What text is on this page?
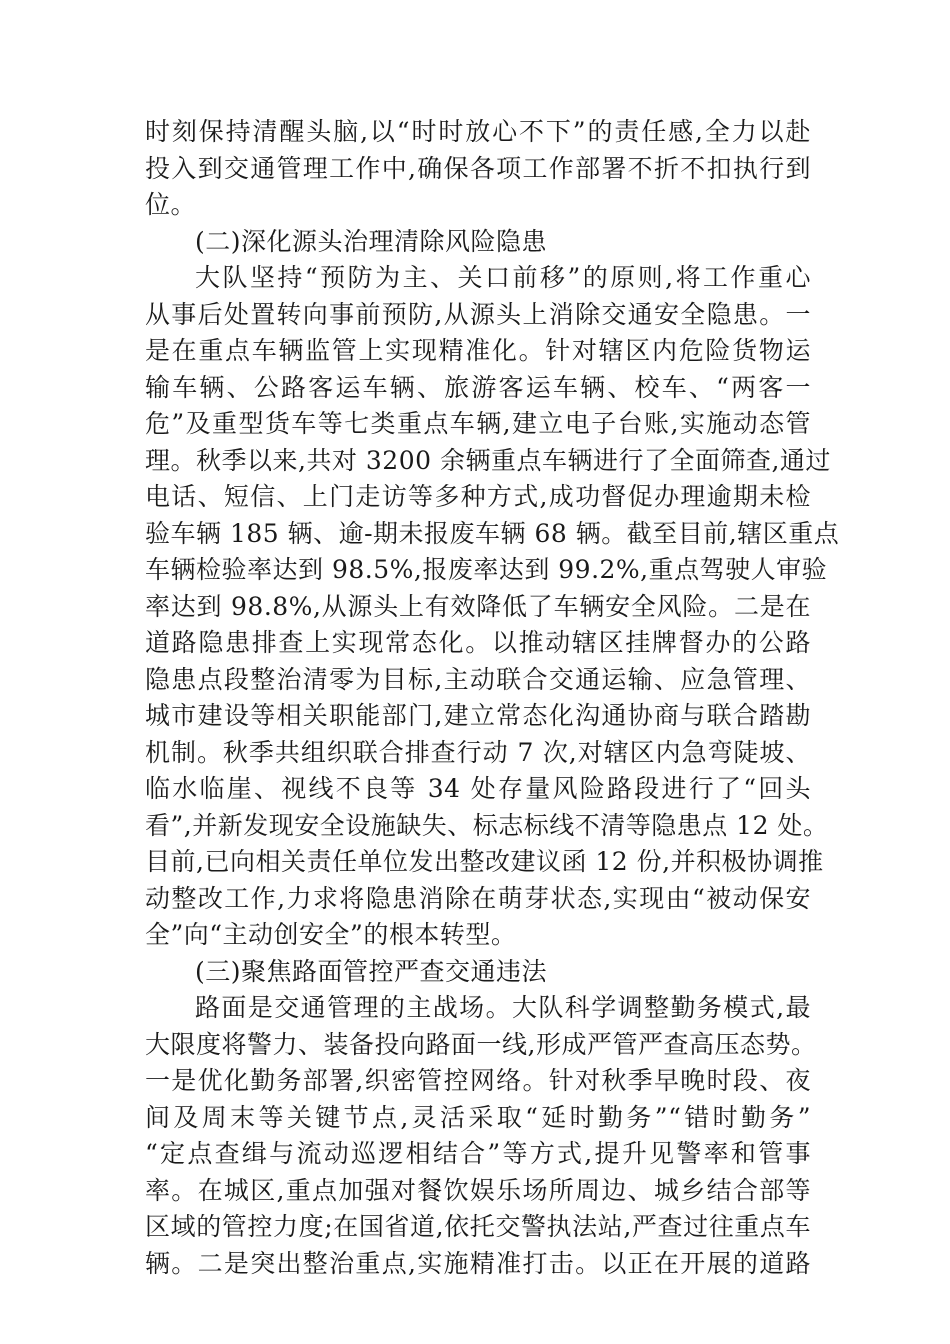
时刻保持清醒头脑,以“时时放心不下”的责任感,全力以赴
投入到交通管理工作中,确保各项工作部署不折不扣执行到
位。
(二)深化源头治理清除风险隐患
大队坚持“预防为主、关口前移”的原则,将工作重心
从事后处置转向事前预防,从源头上消除交通安全隐患。一
是在重点车辆监管上实现精准化。针对辖区内危险货物运
输车辆、公路客运车辆、旅游客运车辆、校车、“两客一
危”及重型货车等七类重点车辆,建立电子台账,实施动态管
理。秋季以来,共对 3200 余辆重点车辆进行了全面筛查,通过
电话、短信、上门走访等多种方式,成功督促办理逾期未检
验车辆 185 辆、逾-期未报废车辆 68 辆。截至目前,辖区重点
车辆检验率达到 98.5%,报废率达到 99.2%,重点驾驶人审验
率达到 98.8%,从源头上有效降低了车辆安全风险。二是在
道路隐患排查上实现常态化。以推动辖区挂牌督办的公路
隐患点段整治清零为目标,主动联合交通运输、应急管理、
城市建设等相关职能部门,建立常态化沟通协商与联合踏勘
机制。秋季共组织联合排查行动 7 次,对辖区内急弯陡坡、
临水临崖、视线不良等 34 处存量风险路段进行了“回头
看”,并新发现安全设施缺失、标志标线不清等隐患点 12 处。
目前,已向相关责任单位发出整改建议函 12 份,并积极协调推
动整改工作,力求将隐患消除在萌芽状态,实现由“被动保安
全”向“主动创安全”的根本转型。
(三)聚焦路面管控严查交通违法
路面是交通管理的主战场。大队科学调整勤务模式,最
大限度将警力、装备投向路面一线,形成严管严查高压态势。
一是优化勤务部署,织密管控网络。针对秋季早晚时段、夜
间及周末等关键节点,灵活采取“延时勤务”“错时勤务”
“定点查缉与流动巡逻相结合”等方式,提升见警率和管事
率。在城区,重点加强对餐饮娱乐场所周边、城乡结合部等
区域的管控力度;在国省道,依托交警执法站,严查过往重点车
辆。二是突出整治重点,实施精准打击。以正在开展的道路
